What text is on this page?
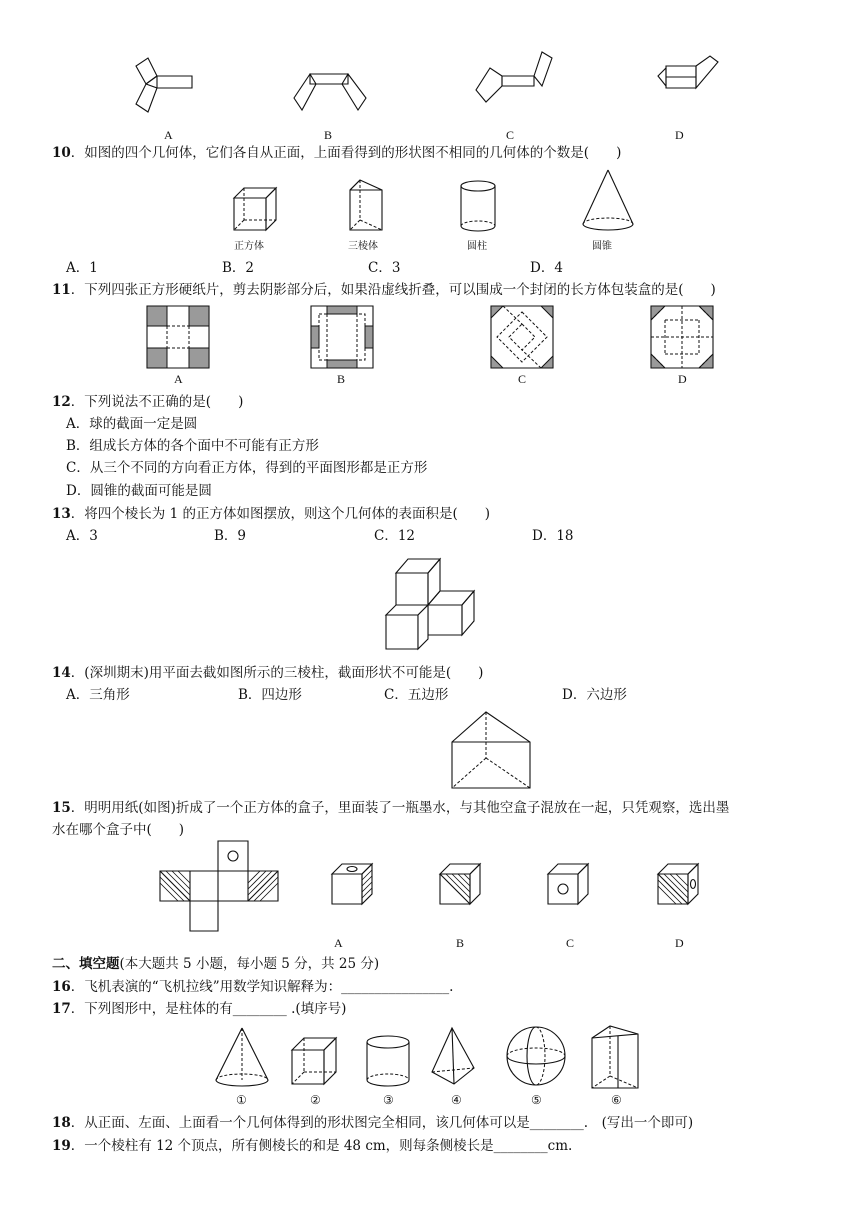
A	B	C	D
10．如图的四个几何体，它们各自从正面，上面看得到的形状图不相同的几何体的个数是(　　)
正方体	三棱体	圆柱	圆锥
A．1	B．2	C．3	D．4
11．下列四张正方形硬纸片，剪去阴影部分后，如果沿虚线折叠，可以围成一个封闭的长方体包装盒的是(　　)
A	B	C	D
12．下列说法不正确的是(　　)
A．球的截面一定是圆
B．组成长方体的各个面中不可能有正方形
C．从三个不同的方向看正方体，得到的平面图形都是正方形
D．圆锥的截面可能是圆
13．将四个棱长为 1 的正方体如图摆放，则这个几何体的表面积是(　　)
A．3	B．9	C．12	D．18
14．(深圳期末)用平面去截如图所示的三棱柱，截面形状不可能是(　　)
A．三角形	B．四边形	C．五边形	D．六边形
15．明明用纸(如图)折成了一个正方体的盒子，里面装了一瓶墨水，与其他空盒子混放在一起，只凭观察，选出墨
水在哪个盒子中(　　)
A	B	C	D
二、填空题(本大题共 5 小题，每小题 5 分，共 25 分)
16．飞机表演的“飞机拉线”用数学知识解释为：________________.
17．下列图形中，是柱体的有________ .(填序号)
①	②	③	④	⑤	⑥
18．从正面、左面、上面看一个几何体得到的形状图完全相同，该几何体可以是________.　(写出一个即可)
19．一个棱柱有 12 个顶点，所有侧棱长的和是 48 cm，则每条侧棱长是________cm.
